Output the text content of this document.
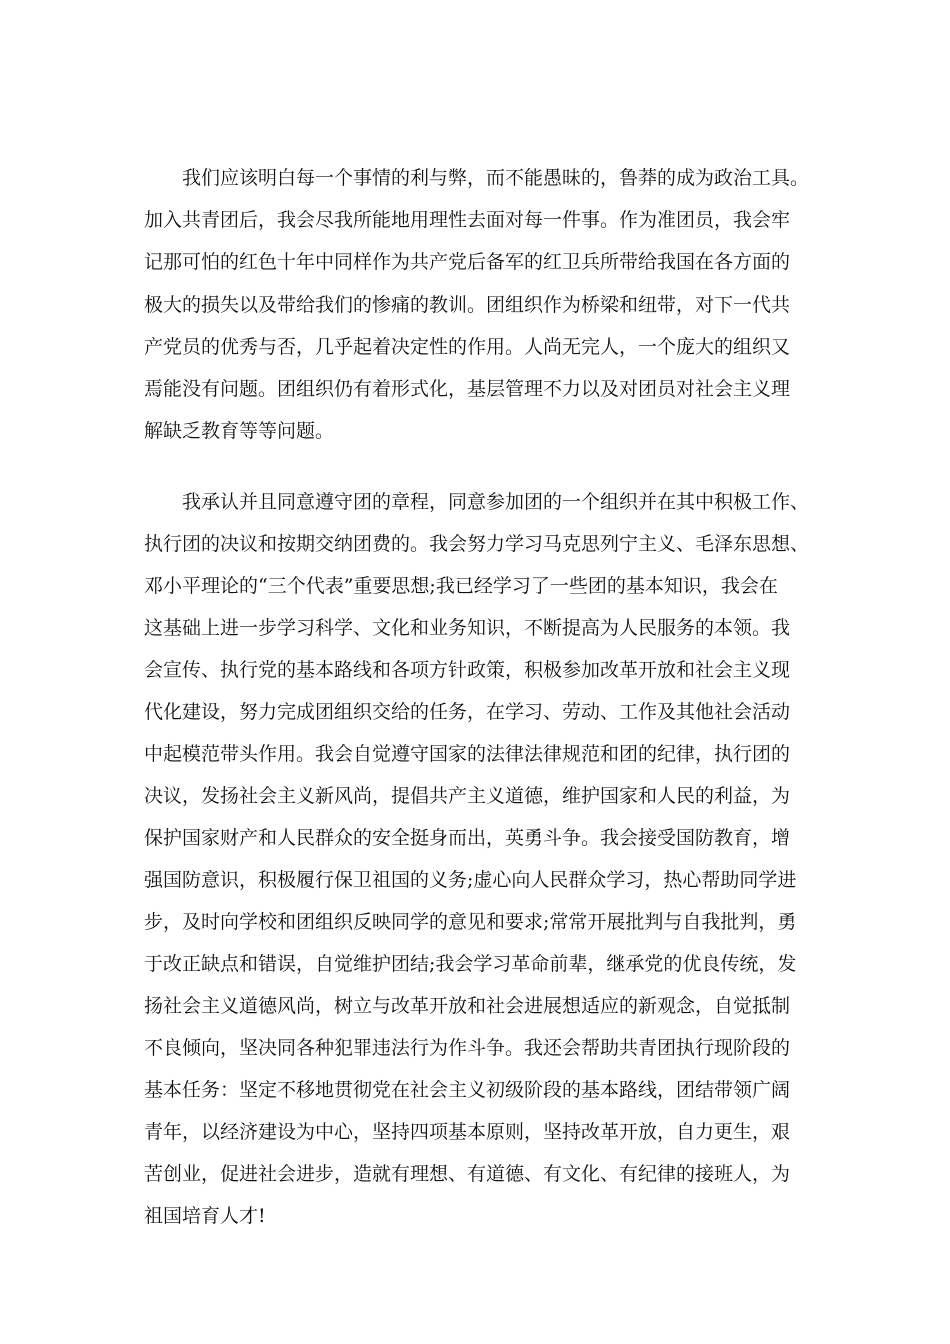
我们应该明白每一个事情的利与弊，而不能愚昧的，鲁莽的成为政治工具。
加入共青团后，我会尽我所能地用理性去面对每一件事。作为准团员，我会牢
记那可怕的红色十年中同样作为共产党后备军的红卫兵所带给我国在各方面的
极大的损失以及带给我们的惨痛的教训。团组织作为桥梁和纽带，对下一代共
产党员的优秀与否，几乎起着决定性的作用。人尚无完人，一个庞大的组织又
焉能没有问题。团组织仍有着形式化，基层管理不力以及对团员对社会主义理
解缺乏教育等等问题。
我承认并且同意遵守团的章程，同意参加团的一个组织并在其中积极工作、
执行团的决议和按期交纳团费的。我会努力学习马克思列宁主义、毛泽东思想、
邓小平理论的“三个代表”重要思想;我已经学习了一些团的基本知识，我会在
这基础上进一步学习科学、文化和业务知识，不断提高为人民服务的本领。我
会宣传、执行党的基本路线和各项方针政策，积极参加改革开放和社会主义现
代化建设，努力完成团组织交给的任务，在学习、劳动、工作及其他社会活动
中起模范带头作用。我会自觉遵守国家的法律法律规范和团的纪律，执行团的
决议，发扬社会主义新风尚，提倡共产主义道德，维护国家和人民的利益，为
保护国家财产和人民群众的安全挺身而出，英勇斗争。我会接受国防教育，增
强国防意识，积极履行保卫祖国的义务;虚心向人民群众学习，热心帮助同学进
步，及时向学校和团组织反映同学的意见和要求;常常开展批判与自我批判，勇
于改正缺点和错误，自觉维护团结;我会学习革命前辈，继承党的优良传统，发
扬社会主义道德风尚，树立与改革开放和社会进展想适应的新观念，自觉抵制
不良倾向，坚决同各种犯罪违法行为作斗争。我还会帮助共青团执行现阶段的
基本任务：坚定不移地贯彻党在社会主义初级阶段的基本路线，团结带领广阔
青年，以经济建设为中心，坚持四项基本原则，坚持改革开放，自力更生，艰
苦创业，促进社会进步，造就有理想、有道德、有文化、有纪律的接班人，为
祖国培育人才!
